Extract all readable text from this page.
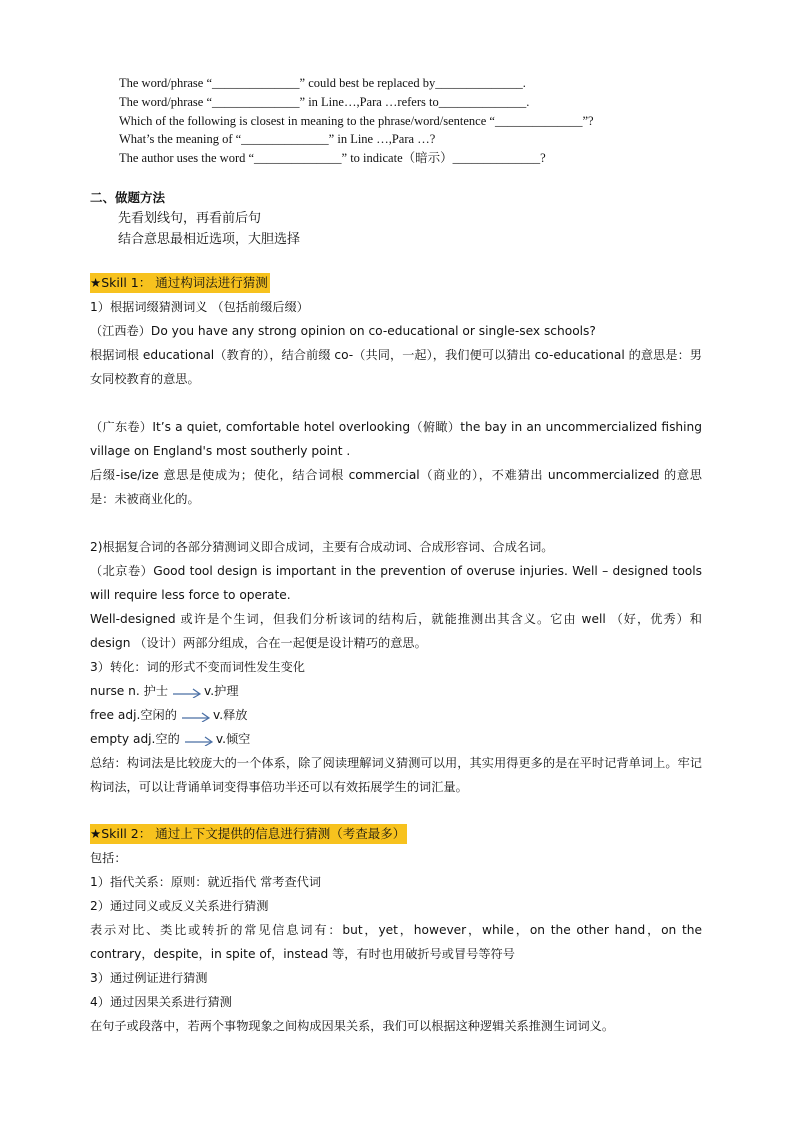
The word/phrase “______________” could best be replaced by______________.
The word/phrase “______________” in Line…,Para …refers to______________.
Which of the following is closest in meaning to the phrase/word/sentence “______________”?
What’s the meaning of “______________” in Line …,Para …?
The author uses the word “______________” to indicate（暗示）______________?
二、做题方法
先看划线句，再看前后句
结合意思最相近选项，大胆选择
★Skill 1： 通过构词法进行猜测
1）根据词缀猜测词义 （包括前缀后缀）
（江西卷）Do you have any strong opinion on co-educational or single-sex schools?
根据词根 educational（教育的），结合前缀 co-（共同，一起），我们便可以猜出 co-educational 的意思是：男女同校教育的意思。
（广东卷）It’s a quiet, comfortable hotel overlooking（俯瞰）the bay in an uncommercialized fishing village on England's most southerly point .
后缀-ise/ize 意思是使成为；使化，结合词根 commercial（商业的），不难猜出 uncommercialized 的意思是：未被商业化的。
2)根据复合词的各部分猜测词义即合成词，主要有合成动词、合成形容词、合成名词。
（北京卷）Good tool design is important in the prevention of overuse injuries. Well – designed tools will require less force to operate.
Well-designed 或许是个生词，但我们分析该词的结构后，就能推测出其含义。它由 well （好，优秀）和 design （设计）两部分组成，合在一起便是设计精巧的意思。
3）转化：词的形式不变而词性发生变化
nurse n. 护士	v.护理
free adj.空闲的	v.释放
empty adj.空的	v.倾空
总结：构词法是比较庞大的一个体系，除了阅读理解词义猜测可以用，其实用得更多的是在平时记背单词上。牢记构词法，可以让背诵单词变得事倍功半还可以有效拓展学生的词汇量。
★Skill 2： 通过上下文提供的信息进行猜测（考查最多）
包括：
1）指代关系：原则：就近指代 常考查代词
2）通过同义或反义关系进行猜测
表示对比、类比或转折的常见信息词有：but，yet，however，while，on the other hand，on the contrary，despite，in spite of，instead 等，有时也用破折号或冒号等符号
3）通过例证进行猜测
4）通过因果关系进行猜测
在句子或段落中，若两个事物现象之间构成因果关系，我们可以根据这种逻辑关系推测生词词义。
